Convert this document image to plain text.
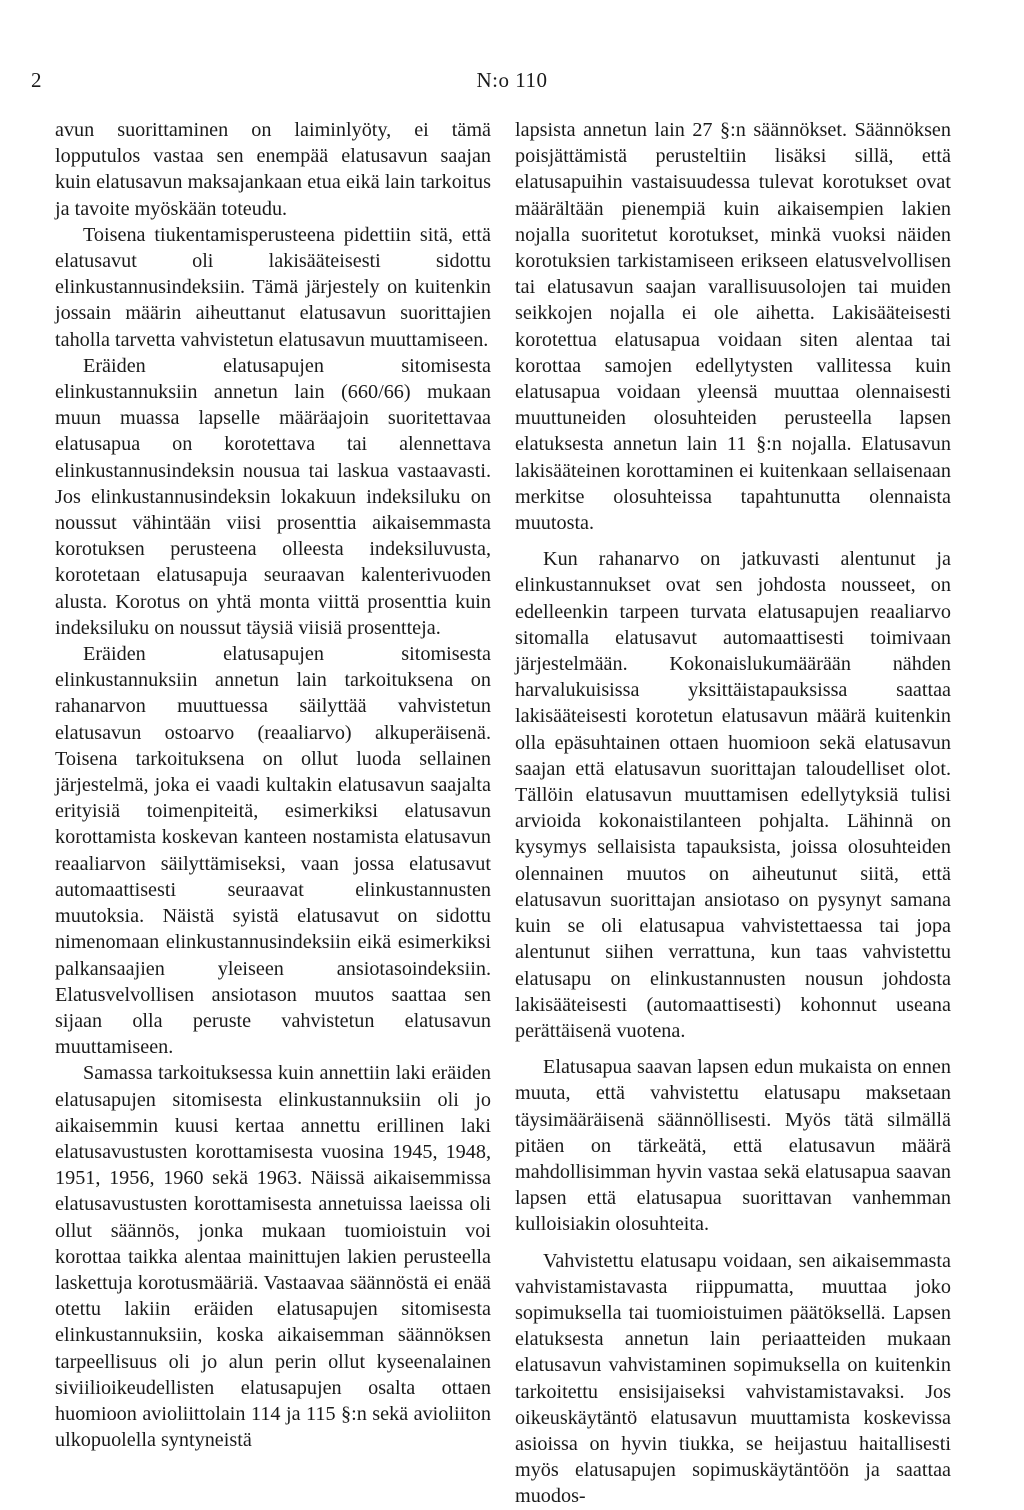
2	N:o 110

avun suorittaminen on laiminlyöty, ei tämä lopputulos vastaa sen enempää elatusavun saajan kuin elatusavun maksajankaan etua eikä lain tarkoitus ja tavoite myöskään toteudu.

Toisena tiukentamisperusteena pidettiin sitä, että elatusavut oli lakisääteisesti sidottu elinkustannusindeksiin. Tämä järjestely on kuitenkin jossain määrin aiheuttanut elatusavun suorittajien taholla tarvetta vahvistetun elatusavun muuttamiseen.

Eräiden elatusapujen sitomisesta elinkustannuksiin annetun lain (660/66) mukaan muun muassa lapselle määräajoin suoritettavaa elatusapua on korotettava tai alennettava elinkustannusindeksin nousua tai laskua vastaavasti. Jos elinkustannusindeksin lokakuun indeksiluku on noussut vähintään viisi prosenttia aikaisemmasta korotuksen perusteena olleesta indeksiluvusta, korotetaan elatusapuja seuraavan kalenterivuoden alusta. Korotus on yhtä monta viittä prosenttia kuin indeksiluku on noussut täysiä viisiä prosentteja.

Eräiden elatusapujen sitomisesta elinkustannuksiin annetun lain tarkoituksena on rahanarvon muuttuessa säilyttää vahvistetun elatusavun ostoarvo (reaaliarvo) alkuperäisenä. Toisena tarkoituksena on ollut luoda sellainen järjestelmä, joka ei vaadi kultakin elatusavun saajalta erityisiä toimenpiteitä, esimerkiksi elatusavun korottamista koskevan kanteen nostamista elatusavun reaaliarvon säilyttämiseksi, vaan jossa elatusavut automaattisesti seuraavat elinkustannusten muutoksia. Näistä syistä elatusavut on sidottu nimenomaan elinkustannusindeksiin eikä esimerkiksi palkansaajien yleiseen ansiotasoindeksiin. Elatusvelvollisen ansiotason muutos saattaa sen sijaan olla peruste vahvistetun elatusavun muuttamiseen.

Samassa tarkoituksessa kuin annettiin laki eräiden elatusapujen sitomisesta elinkustannuksiin oli jo aikaisemmin kuusi kertaa annettu erillinen laki elatusavustusten korottamisesta vuosina 1945, 1948, 1951, 1956, 1960 sekä 1963. Näissä aikaisemmissa elatusavustusten korottamisesta annetuissa laeissa oli ollut säännös, jonka mukaan tuomioistuin voi korottaa taikka alentaa mainittujen lakien perusteella laskettuja korotusmääriä. Vastaavaa säännöstä ei enää otettu lakiin eräiden elatusapujen sitomisesta elinkustannuksiin, koska aikaisemman säännöksen tarpeellisuus oli jo alun perin ollut kyseenalainen siviilioikeudellisten elatusapujen osalta ottaen huomioon avioliittolain 114 ja 115 §:n sekä avioliiton ulkopuolella syntyneistä

lapsista annetun lain 27 §:n säännökset. Säännöksen poisjättämistä perusteltiin lisäksi sillä, että elatusapuihin vastaisuudessa tulevat korotukset ovat määrältään pienempiä kuin aikaisempien lakien nojalla suoritetut korotukset, minkä vuoksi näiden korotuksien tarkistamiseen erikseen elatusvelvollisen tai elatusavun saajan varallisuusolojen tai muiden seikkojen nojalla ei ole aihetta. Lakisääteisesti korotettua elatusapua voidaan siten alentaa tai korottaa samojen edellytysten vallitessa kuin elatusapua voidaan yleensä muuttaa olennaisesti muuttuneiden olosuhteiden perusteella lapsen elatuksesta annetun lain 11 §:n nojalla. Elatusavun lakisääteinen korottaminen ei kuitenkaan sellaisenaan merkitse olosuhteissa tapahtunutta olennaista muutosta.

Kun rahanarvo on jatkuvasti alentunut ja elinkustannukset ovat sen johdosta nousseet, on edelleenkin tarpeen turvata elatusapujen reaaliarvo sitomalla elatusavut automaattisesti toimivaan järjestelmään. Kokonaislukumäärään nähden harvalukuisissa yksittäistapauksissa saattaa lakisääteisesti korotetun elatusavun määrä kuitenkin olla epäsuhtainen ottaen huomioon sekä elatusavun saajan että elatusavun suorittajan taloudelliset olot. Tällöin elatusavun muuttamisen edellytyksiä tulisi arvioida kokonaistilanteen pohjalta. Lähinnä on kysymys sellaisista tapauksista, joissa olosuhteiden olennainen muutos on aiheutunut siitä, että elatusavun suorittajan ansiotaso on pysynyt samana kuin se oli elatusapua vahvistettaessa tai jopa alentunut siihen verrattuna, kun taas vahvistettu elatusapu on elinkustannusten nousun johdosta lakisääteisesti (automaattisesti) kohonnut useana perättäisenä vuotena.

Elatusapua saavan lapsen edun mukaista on ennen muuta, että vahvistettu elatusapu maksetaan täysimääräisenä säännöllisesti. Myös tätä silmällä pitäen on tärkeätä, että elatusavun määrä mahdollisimman hyvin vastaa sekä elatusapua saavan lapsen että elatusapua suorittavan vanhemman kulloisiakin olosuhteita.

Vahvistettu elatusapu voidaan, sen aikaisemmasta vahvistamistavasta riippumatta, muuttaa joko sopimuksella tai tuomioistuimen päätöksellä. Lapsen elatuksesta annetun lain periaatteiden mukaan elatusavun vahvistaminen sopimuksella on kuitenkin tarkoitettu ensisijaiseksi vahvistamistavaksi. Jos oikeuskäytäntö elatusavun muuttamista koskevissa asioissa on hyvin tiukka, se heijastuu haitallisesti myös elatusapujen sopimuskäytäntöön ja saattaa muodos-
